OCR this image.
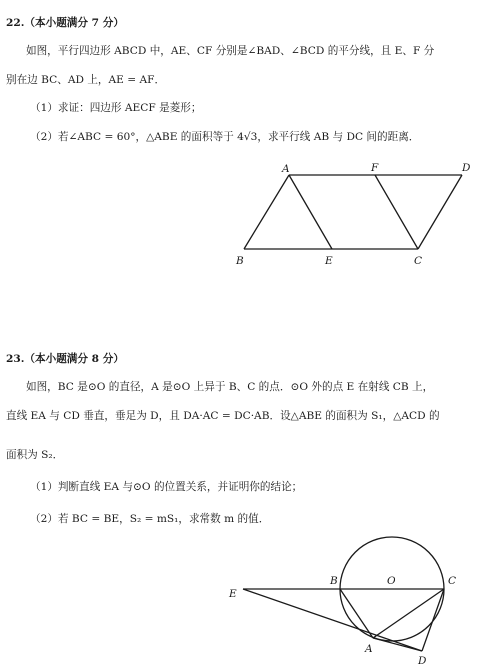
22.（本小题满分 7 分）
如图，平行四边形 ABCD 中，AE、CF 分别是∠BAD、∠BCD 的平分线，且 E、F 分
别在边 BC、AD 上，AE = AF．
（1）求证：四边形 AECF 是菱形；
（2）若∠ABC = 60°，△ABE 的面积等于 4√3，求平行线 AB 与 DC 间的距离．
A	F	D
B	E	C
23.（本小题满分 8 分）
如图，BC 是⊙O 的直径，A 是⊙O 上异于 B、C 的点．⊙O 外的点 E 在射线 CB 上，
直线 EA 与 CD 垂直，垂足为 D，且 DA·AC = DC·AB．设△ABE 的面积为 S₁，△ACD 的
面积为 S₂．
（1）判断直线 EA 与⊙O 的位置关系，并证明你的结论；
（2）若 BC = BE，S₂ = mS₁，求常数 m 的值．
E
B	O	C
A
D
